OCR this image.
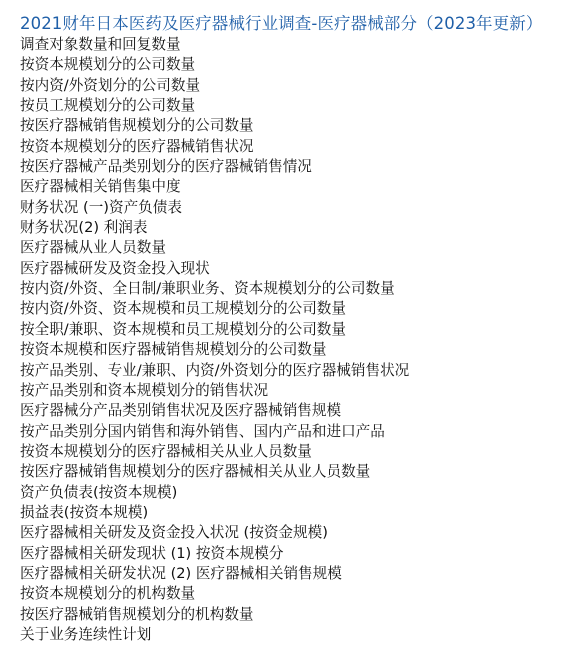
2021财年日本医药及医疗器械行业调查-医疗器械部分（2023年更新）
调查对象数量和回复数量
按资本规模划分的公司数量
按内资/外资划分的公司数量
按员工规模划分的公司数量
按医疗器械销售规模划分的公司数量
按资本规模划分的医疗器械销售状况
按医疗器械产品类别划分的医疗器械销售情况
医疗器械相关销售集中度
财务状况 (一)资产负债表
财务状况(2) 利润表
医疗器械从业人员数量
医疗器械研发及资金投入现状
按内资/外资、全日制/兼职业务、资本规模划分的公司数量
按内资/外资、资本规模和员工规模划分的公司数量
按全职/兼职、资本规模和员工规模划分的公司数量
按资本规模和医疗器械销售规模划分的公司数量
按产品类别、专业/兼职、内资/外资划分的医疗器械销售状况
按产品类别和资本规模划分的销售状况
医疗器械分产品类别销售状况及医疗器械销售规模
按产品类别分国内销售和海外销售、国内产品和进口产品
按资本规模划分的医疗器械相关从业人员数量
按医疗器械销售规模划分的医疗器械相关从业人员数量
资产负债表(按资本规模)
损益表(按资本规模)
医疗器械相关研发及资金投入状况 (按资金规模)
医疗器械相关研发现状 (1) 按资本规模分
医疗器械相关研发状况 (2) 医疗器械相关销售规模
按资本规模划分的机构数量
按医疗器械销售规模划分的机构数量
关于业务连续性计划
